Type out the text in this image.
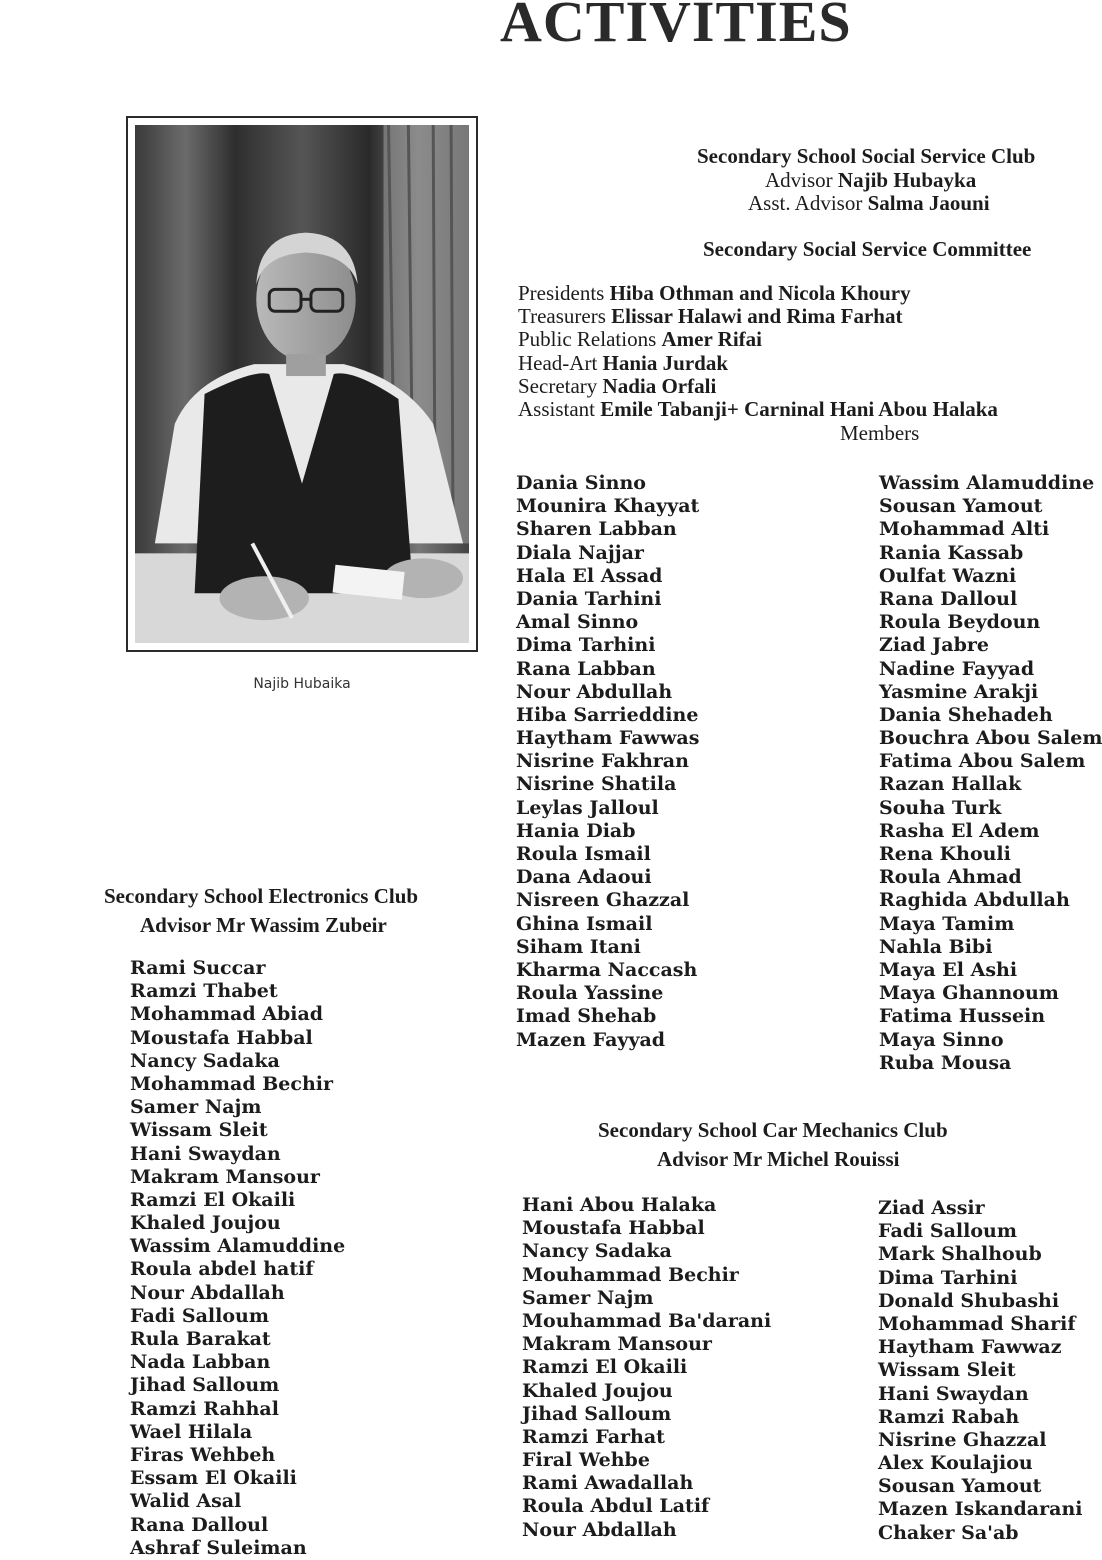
ACTIVITIES
Najib Hubaika
Secondary School Social Service Club
Advisor Najib Hubayka
Asst. Advisor Salma Jaouni
Secondary Social Service Committee
Presidents Hiba Othman and Nicola Khoury
Treasurers Elissar Halawi and Rima Farhat
Public Relations Amer Rifai
Head-Art Hania Jurdak
Secretary Nadia Orfali
Assistant Emile Tabanji+ Carninal Hani Abou Halaka
Members
Dania Sinno
Mounira Khayyat
Sharen Labban
Diala Najjar
Hala El Assad
Dania Tarhini
Amal Sinno
Dima Tarhini
Rana Labban
Nour Abdullah
Hiba Sarrieddine
Haytham Fawwas
Nisrine Fakhran
Nisrine Shatila
Leylas Jalloul
Hania Diab
Roula Ismail
Dana Adaoui
Nisreen Ghazzal
Ghina Ismail
Siham Itani
Kharma Naccash
Roula Yassine
Imad Shehab
Mazen Fayyad
Wassim Alamuddine
Sousan Yamout
Mohammad Alti
Rania Kassab
Oulfat Wazni
Rana Dalloul
Roula Beydoun
Ziad Jabre
Nadine Fayyad
Yasmine Arakji
Dania Shehadeh
Bouchra Abou Salem
Fatima Abou Salem
Razan Hallak
Souha Turk
Rasha El Adem
Rena Khouli
Roula Ahmad
Raghida Abdullah
Maya Tamim
Nahla Bibi
Maya El Ashi
Maya Ghannoum
Fatima Hussein
Maya Sinno
Ruba Mousa
Secondary School Electronics Club
Advisor Mr Wassim Zubeir
Rami Succar
Ramzi Thabet
Mohammad Abiad
Moustafa Habbal
Nancy Sadaka
Mohammad Bechir
Samer Najm
Wissam Sleit
Hani Swaydan
Makram Mansour
Ramzi El Okaili
Khaled Joujou
Wassim Alamuddine
Roula abdel hatif
Nour Abdallah
Fadi Salloum
Rula Barakat
Nada Labban
Jihad Salloum
Ramzi Rahhal
Wael Hilala
Firas Wehbeh
Essam El Okaili
Walid Asal
Rana Dalloul
Ashraf Suleiman
Secondary School Car Mechanics Club
Advisor Mr Michel Rouissi
Hani Abou Halaka
Moustafa Habbal
Nancy Sadaka
Mouhammad Bechir
Samer Najm
Mouhammad Ba'darani
Makram Mansour
Ramzi El Okaili
Khaled Joujou
Jihad Salloum
Ramzi Farhat
Firal Wehbe
Rami Awadallah
Roula Abdul Latif
Nour Abdallah
Ziad Assir
Fadi Salloum
Mark Shalhoub
Dima Tarhini
Donald Shubashi
Mohammad Sharif
Haytham Fawwaz
Wissam Sleit
Hani Swaydan
Ramzi Rabah
Nisrine Ghazzal
Alex Koulajiou
Sousan Yamout
Mazen Iskandarani
Chaker Sa'ab
